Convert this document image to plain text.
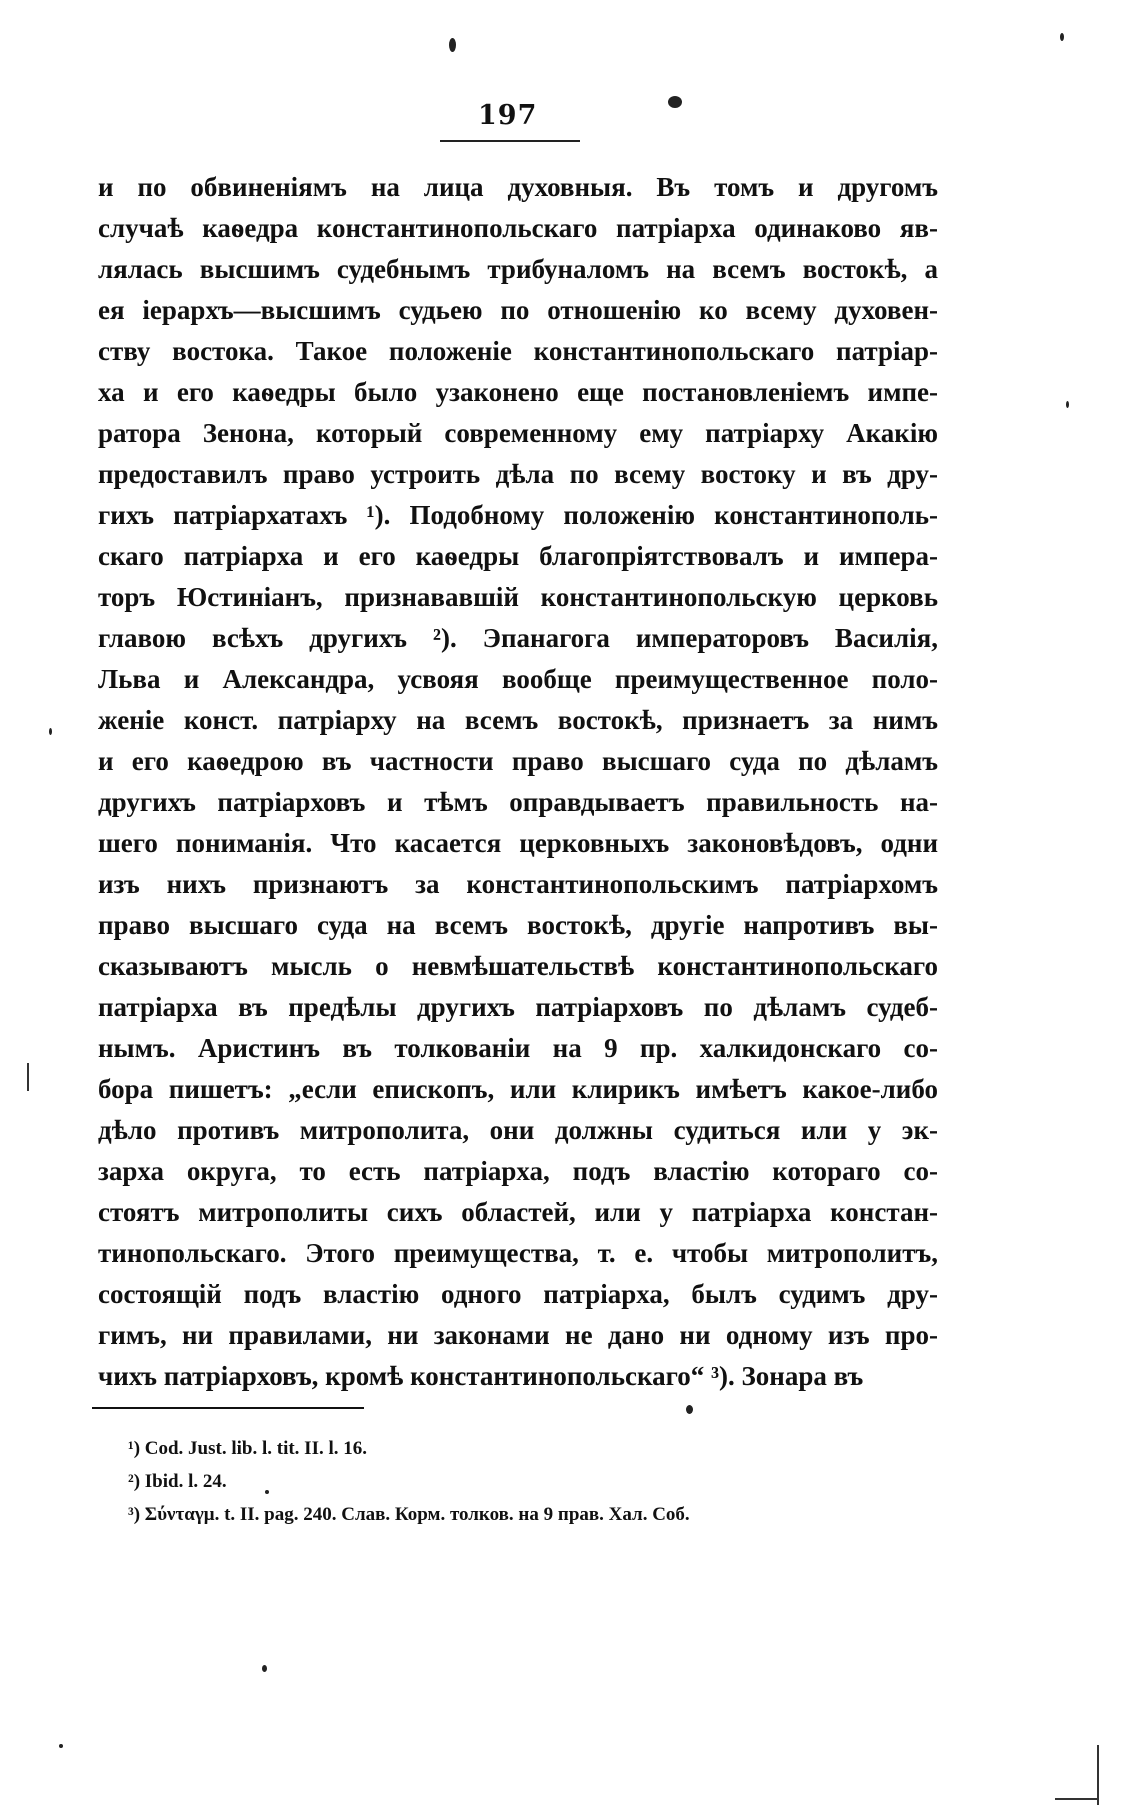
197
и по обвиненіямъ на лица духовныя. Въ томъ и другомъ
случаѣ каѳедра константинопольскаго патріарха одинаково яв-
лялась высшимъ судебнымъ трибуналомъ на всемъ востокѣ, а
ея іерархъ—высшимъ судьею по отношенію ко всему духовен-
ству востока. Такое положеніе константинопольскаго патріар-
ха и его каѳедры было узаконено еще постановленіемъ импе-
ратора Зенона, который современному ему патріарху Акакію
предоставилъ право устроить дѣла по всему востоку и въ дру-
гихъ патріархатахъ ¹). Подобному положенію константинополь-
скаго патріарха и его каѳедры благопріятствовалъ и импера-
торъ Юстиніанъ, признававшій константинопольскую церковь
главою всѣхъ другихъ ²). Эпанагога императоровъ Василія,
Льва и Александра, усвояя вообще преимущественное поло-
женіе конст. патріарху на всемъ востокѣ, признаетъ за нимъ
и его каѳедрою въ частности право высшаго суда по дѣламъ
другихъ патріарховъ и тѣмъ оправдываетъ правильность на-
шего пониманія. Что касается церковныхъ законовѣдовъ, одни
изъ нихъ признаютъ за константинопольскимъ патріархомъ
право высшаго суда на всемъ востокѣ, другіе напротивъ вы-
сказываютъ мысль о невмѣшательствѣ константинопольскаго
патріарха въ предѣлы другихъ патріарховъ по дѣламъ судеб-
нымъ. Аристинъ въ толкованіи на 9 пр. халкидонскаго со-
бора пишетъ: „если епископъ, или клирикъ имѣетъ какое-либо
дѣло противъ митрополита, они должны судиться или у эк-
зарха округа, то есть патріарха, подъ властію котораго со-
стоятъ митрополиты сихъ областей, или у патріарха констан-
тинопольскаго. Этого преимущества, т. е. чтобы митрополитъ,
состоящій подъ властію одного патріарха, былъ судимъ дру-
гимъ, ни правилами, ни законами не дано ни одному изъ про-
чихъ патріарховъ, кромѣ константинопольскаго“ ³). Зонара въ
¹) Cod. Just. lib. l. tit. II. l. 16.
²) Ibid. l. 24.
³) Σύνταγμ. t. II. pag. 240. Слав. Корм. толков. на 9 прав. Хал. Соб.
